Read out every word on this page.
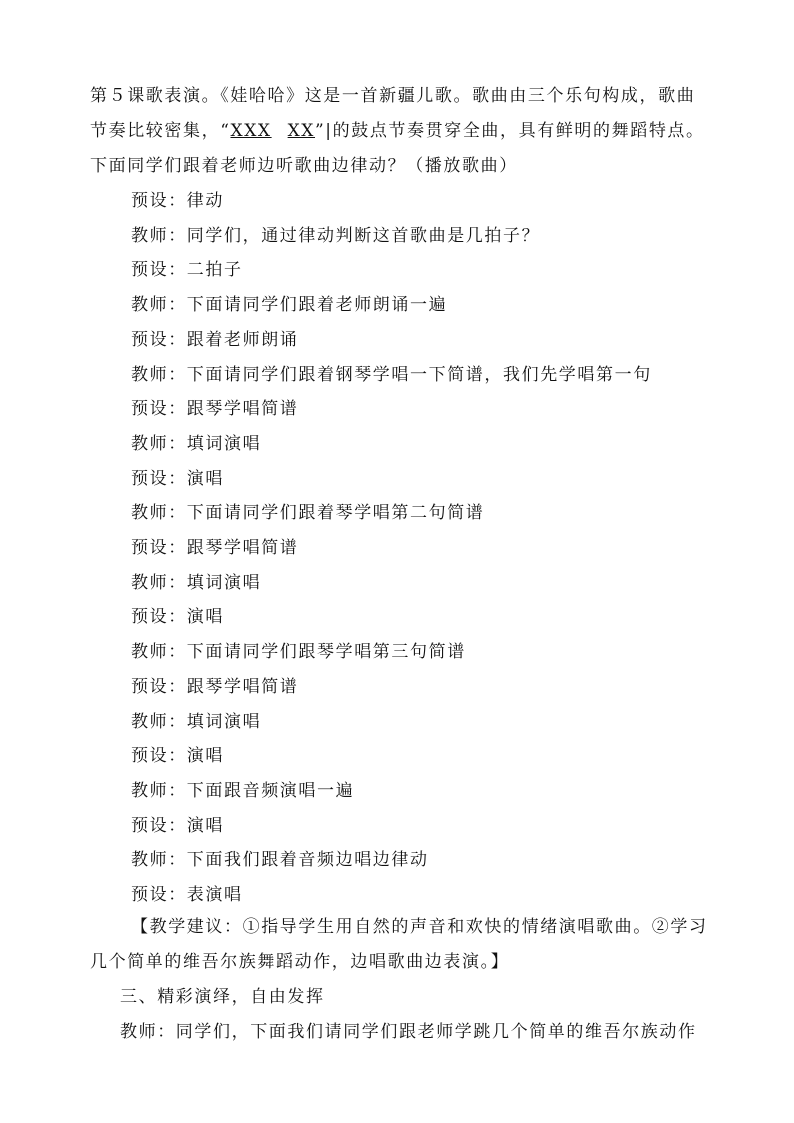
第５课歌表演。《娃哈哈》这是一首新疆儿歌。歌曲由三个乐句构成，歌曲
节奏比较密集，“XXX XX”|的鼓点节奏贯穿全曲，具有鲜明的舞蹈特点。
下面同学们跟着老师边听歌曲边律动？（播放歌曲）
预设：律动
教师：同学们，通过律动判断这首歌曲是几拍子？
预设：二拍子
教师：下面请同学们跟着老师朗诵一遍
预设：跟着老师朗诵
教师：下面请同学们跟着钢琴学唱一下简谱，我们先学唱第一句
预设：跟琴学唱简谱
教师：填词演唱
预设：演唱
教师：下面请同学们跟着琴学唱第二句简谱
预设：跟琴学唱简谱
教师：填词演唱
预设：演唱
教师：下面请同学们跟琴学唱第三句简谱
预设：跟琴学唱简谱
教师：填词演唱
预设：演唱
教师：下面跟音频演唱一遍
预设：演唱
教师：下面我们跟着音频边唱边律动
预设：表演唱
【教学建议：①指导学生用自然的声音和欢快的情绪演唱歌曲。②学习
几个简单的维吾尔族舞蹈动作，边唱歌曲边表演。】
三、精彩演绎，自由发挥
教师：同学们，下面我们请同学们跟老师学跳几个简单的维吾尔族动作
